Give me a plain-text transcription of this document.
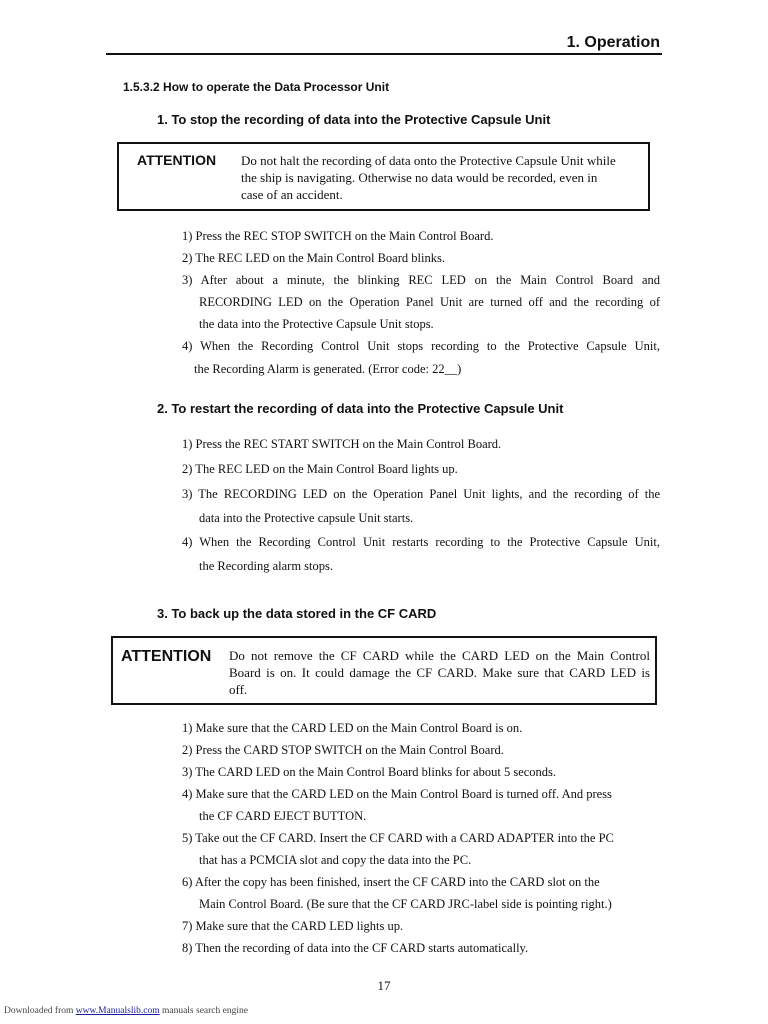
1. Operation
1.5.3.2 How to operate the Data Processor Unit
1. To stop the recording of data into the Protective Capsule Unit
ATTENTION Do not halt the recording of data onto the Protective Capsule Unit while
the ship is navigating. Otherwise no data would be recorded, even in
case of an accident.
1) Press the REC STOP SWITCH on the Main Control Board.
2) The REC LED on the Main Control Board blinks.
3) After about a minute, the blinking REC LED on the Main Control Board and
RECORDING LED on the Operation Panel Unit are turned off and the recording of
the data into the Protective Capsule Unit stops.
4) When the Recording Control Unit stops recording to the Protective Capsule Unit,
the Recording Alarm is generated. (Error code: 22__)
2. To restart the recording of data into the Protective Capsule Unit
1) Press the REC START SWITCH on the Main Control Board.
2) The REC LED on the Main Control Board lights up.
3) The RECORDING LED on the Operation Panel Unit lights, and the recording of the
data into the Protective capsule Unit starts.
4) When the Recording Control Unit restarts recording to the Protective Capsule Unit,
the Recording alarm stops.
3. To back up the data stored in the CF CARD
ATTENTION Do not remove the CF CARD while the CARD LED on the Main Control
Board is on. It could damage the CF CARD. Make sure that CARD LED is
off.
1) Make sure that the CARD LED on the Main Control Board is on.
2) Press the CARD STOP SWITCH on the Main Control Board.
3) The CARD LED on the Main Control Board blinks for about 5 seconds.
4) Make sure that the CARD LED on the Main Control Board is turned off. And press
the CF CARD EJECT BUTTON.
5) Take out the CF CARD. Insert the CF CARD with a CARD ADAPTER into the PC
that has a PCMCIA slot and copy the data into the PC.
6) After the copy has been finished, insert the CF CARD into the CARD slot on the
Main Control Board. (Be sure that the CF CARD JRC-label side is pointing right.)
7) Make sure that the CARD LED lights up.
8) Then the recording of data into the CF CARD starts automatically.
17
Downloaded from www.Manualslib.com manuals search engine
